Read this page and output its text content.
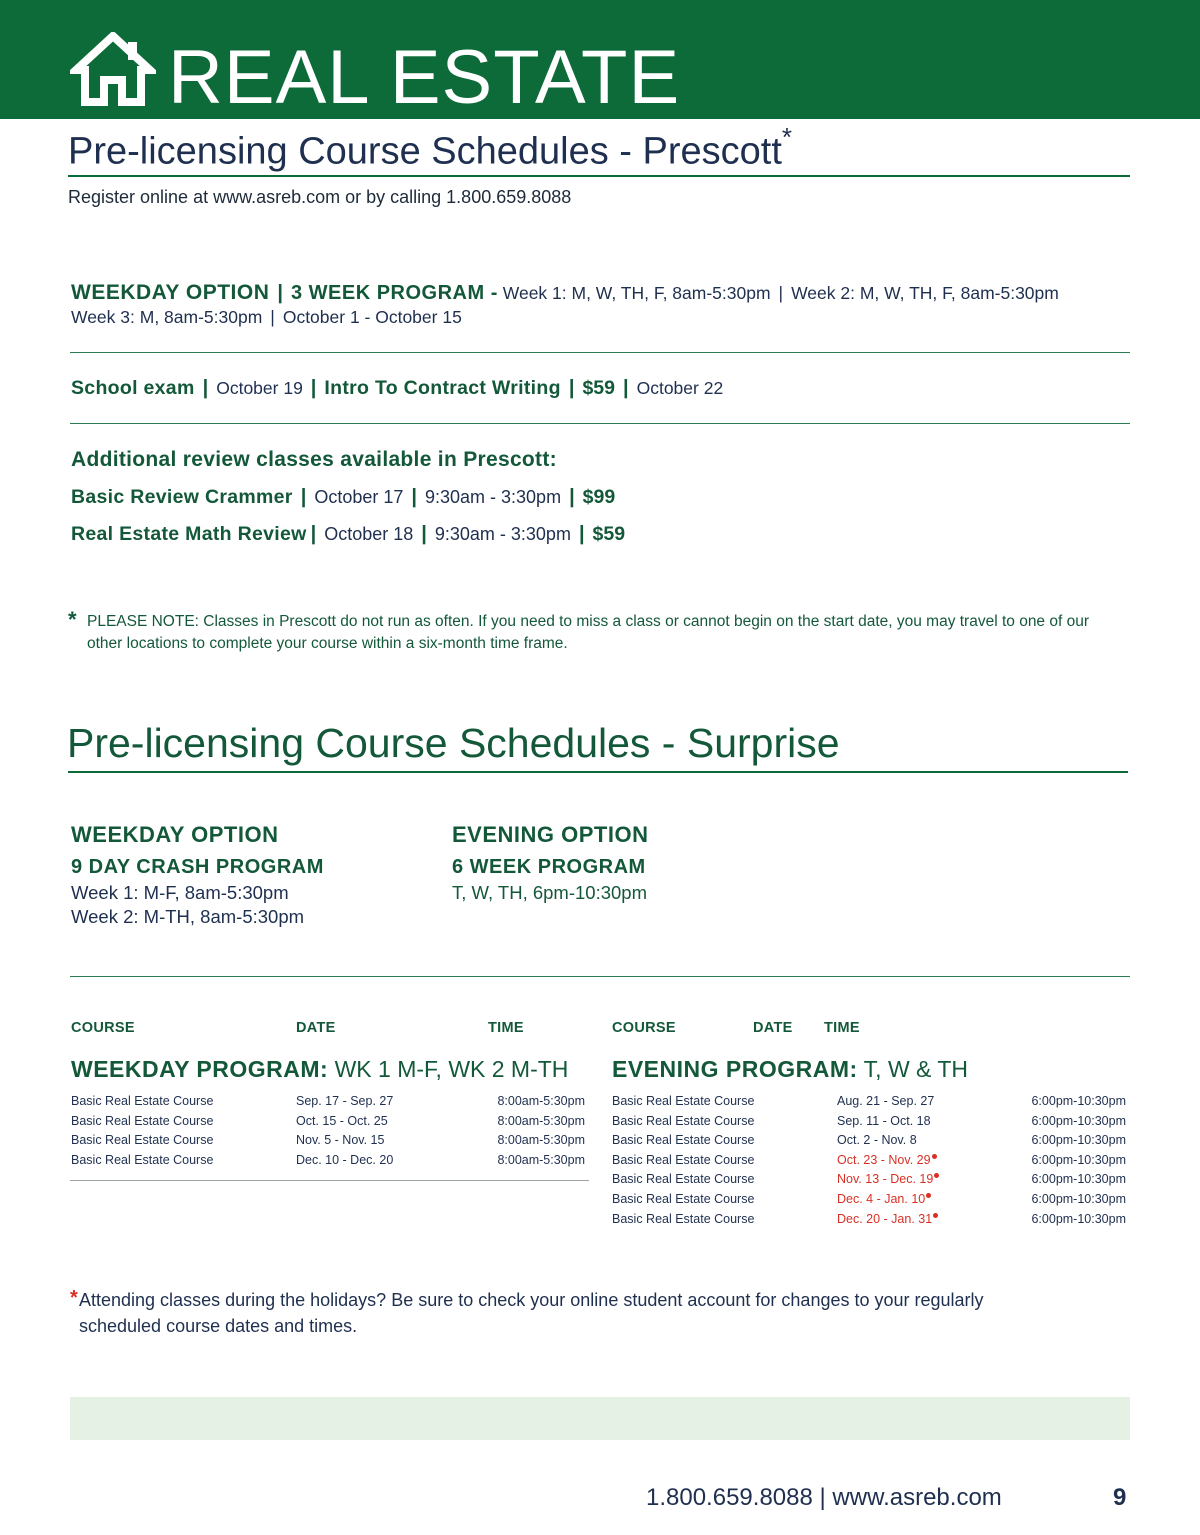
REAL ESTATE
Pre-licensing Course Schedules - Prescott*
Register online at www.asreb.com or by calling 1.800.659.8088
WEEKDAY OPTION | 3 WEEK PROGRAM - Week 1: M, W, TH, F, 8am-5:30pm | Week 2: M, W, TH, F, 8am-5:30pm
Week 3: M, 8am-5:30pm | October 1 - October 15
School exam | October 19 | Intro To Contract Writing | $59 | October 22
Additional review classes available in Prescott:
Basic Review Crammer | October 17 | 9:30am - 3:30pm | $99
Real Estate Math Review | October 18 | 9:30am - 3:30pm | $59
* PLEASE NOTE: Classes in Prescott do not run as often. If you need to miss a class or cannot begin on the start date, you may travel to one of our other locations to complete your course within a six-month time frame.
Pre-licensing Course Schedules - Surprise
WEEKDAY OPTION
9 DAY CRASH PROGRAM
Week 1: M-F, 8am-5:30pm
Week 2: M-TH, 8am-5:30pm
EVENING OPTION
6 WEEK PROGRAM
T, W, TH, 6pm-10:30pm
COURSE	DATE	TIME	COURSE	DATE TIME
WEEKDAY PROGRAM: WK 1 M-F, WK 2 M-TH EVENING PROGRAM: T, W & TH
Basic Real Estate Course	Sep. 17 - Sep. 27	8:00am-5:30pm
Basic Real Estate Course	Oct. 15 - Oct. 25	8:00am-5:30pm
Basic Real Estate Course	Nov. 5 - Nov. 15	8:00am-5:30pm
Basic Real Estate Course	Dec. 10 - Dec. 20	8:00am-5:30pm
Basic Real Estate Course	Aug. 21 - Sep. 27	6:00pm-10:30pm
Basic Real Estate Course	Sep. 11 - Oct. 18	6:00pm-10:30pm
Basic Real Estate Course	Oct. 2 - Nov. 8	6:00pm-10:30pm
Basic Real Estate Course	Oct. 23 - Nov. 29	6:00pm-10:30pm
Basic Real Estate Course	Nov. 13 - Dec. 19	6:00pm-10:30pm
Basic Real Estate Course	Dec. 4 - Jan. 10	6:00pm-10:30pm
Basic Real Estate Course	Dec. 20 - Jan. 31	6:00pm-10:30pm
* Attending classes during the holidays? Be sure to check your online student account for changes to your regularly scheduled course dates and times.
1.800.659.8088 | www.asreb.com	9
